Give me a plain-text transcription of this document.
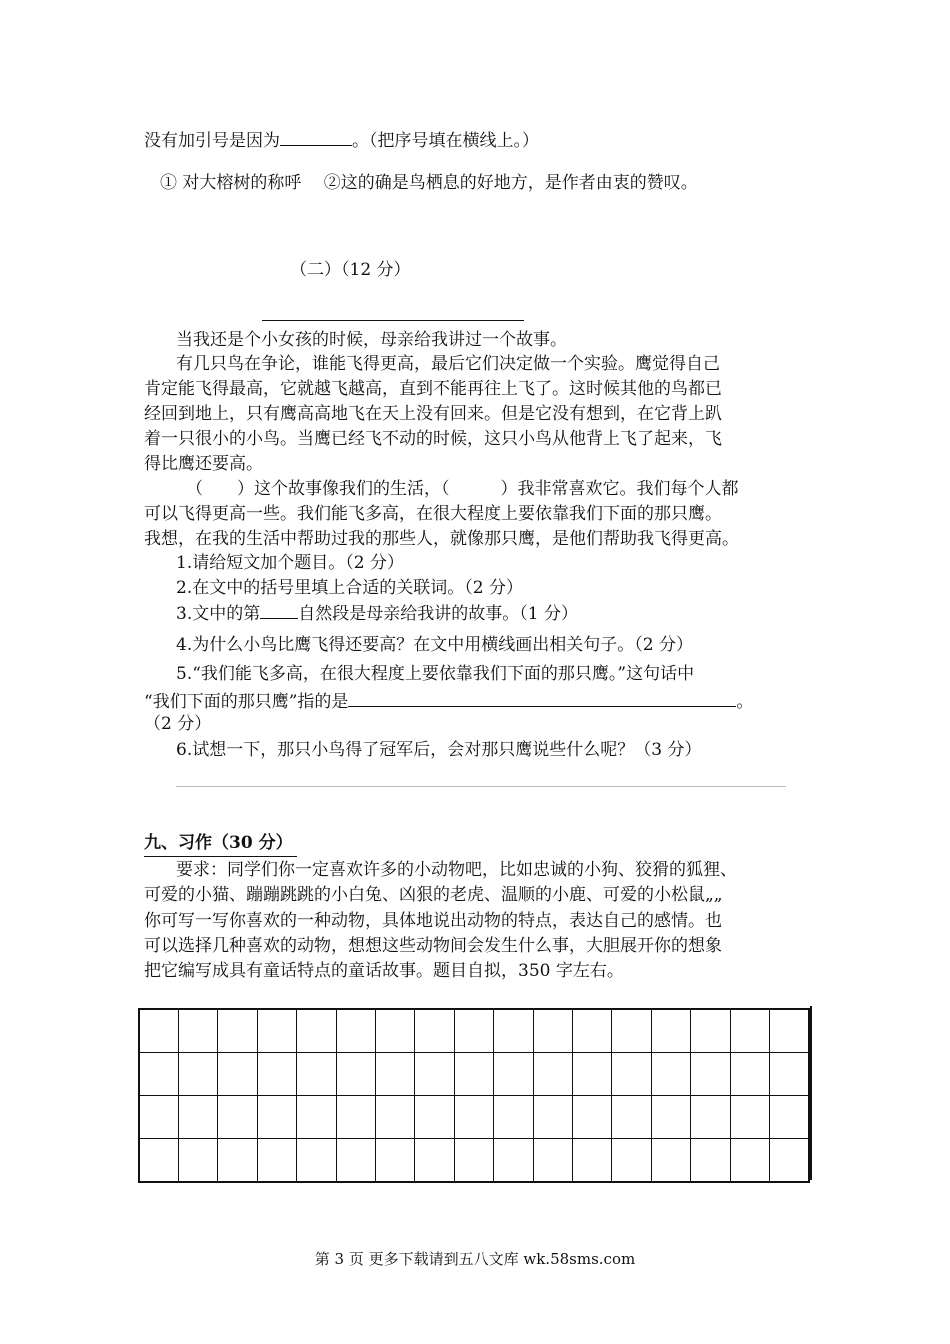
没有加引号是因为	。（把序号填在横线上。）
① 对大榕树的称呼　 ②这的确是鸟栖息的好地方，是作者由衷的赞叹。
（二）（12 分）
当我还是个小女孩的时候，母亲给我讲过一个故事。
有几只鸟在争论，谁能飞得更高，最后它们决定做一个实验。鹰觉得自己
肯定能飞得最高，它就越飞越高，直到不能再往上飞了。这时候其他的鸟都已
经回到地上，只有鹰高高地飞在天上没有回来。但是它没有想到，在它背上趴
着一只很小的小鸟。当鹰已经飞不动的时候，这只小鸟从他背上飞了起来，飞
得比鹰还要高。
（　　）这个故事像我们的生活，（　　　）我非常喜欢它。我们每个人都
可以飞得更高一些。我们能飞多高，在很大程度上要依靠我们下面的那只鹰。
我想，在我的生活中帮助过我的那些人，就像那只鹰，是他们帮助我飞得更高。
1.请给短文加个题目。（2 分）
2.在文中的括号里填上合适的关联词。（2 分）
3.文中的第 自然段是母亲给我讲的故事。（1 分）
4.为什么小鸟比鹰飞得还要高？在文中用横线画出相关句子。（2 分）
5.“我们能飞多高，在很大程度上要依靠我们下面的那只鹰。”这句话中
“我们下面的那只鹰”指的是	。
（2 分）
6.试想一下，那只小鸟得了冠军后，会对那只鹰说些什么呢？（3 分）
九、习作（30 分）
要求：同学们你一定喜欢许多的小动物吧，比如忠诚的小狗、狡猾的狐狸、
可爱的小猫、蹦蹦跳跳的小白兔、凶狠的老虎、温顺的小鹿、可爱的小松鼠„„
你可写一写你喜欢的一种动物，具体地说出动物的特点，表达自己的感情。也
可以选择几种喜欢的动物，想想这些动物间会发生什么事，大胆展开你的想象
把它编写成具有童话特点的童话故事。题目自拟，350 字左右。

第 3 页 更多下载请到五八文库 wk.58sms.com
